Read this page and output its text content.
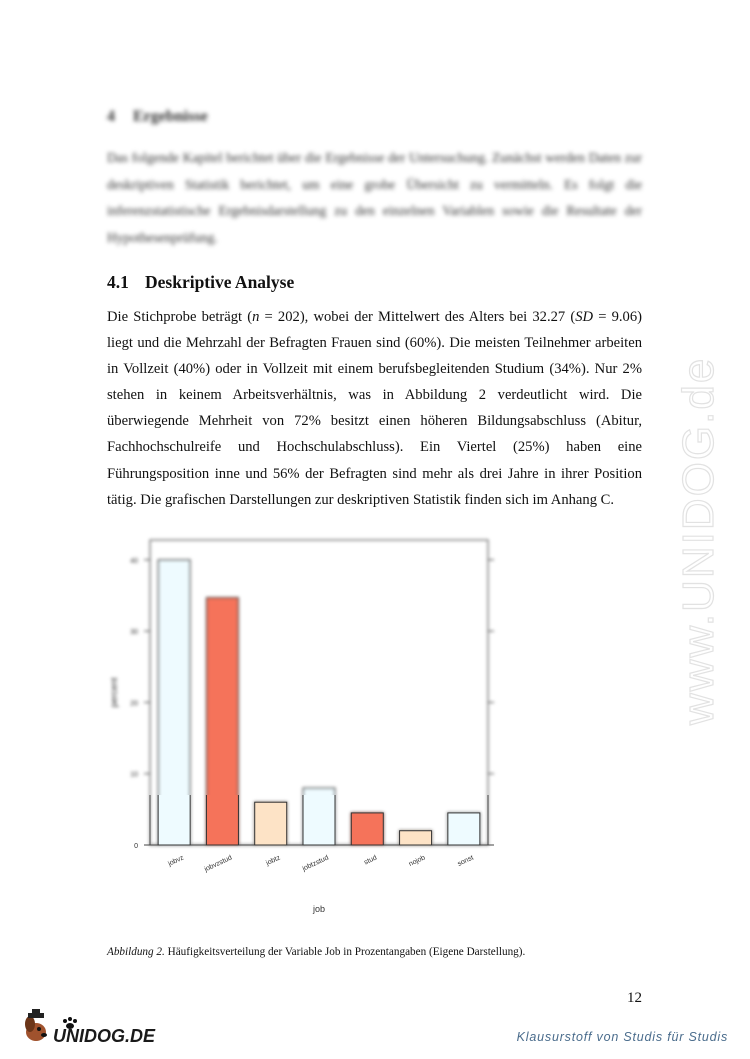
4 Ergebnisse
Das folgende Kapitel berichtet über die Ergebnisse der Untersuchung. Zunächst werden Daten zur deskriptiven Statistik berichtet, um eine grobe Übersicht zu vermitteln. Es folgt die inferenzstatistische Ergebnisdarstellung zu den einzelnen Variablen sowie die Resultate der Hypothesenprüfung.
4.1 Deskriptive Analyse

Die Stichprobe beträgt (n = 202), wobei der Mittelwert des Alters bei 32.27 (SD = 9.06) liegt und die Mehrzahl der Befragten Frauen sind (60%). Die meisten Teilnehmer arbeiten in Vollzeit (40%) oder in Vollzeit mit einem berufsbegleitenden Studium (34%). Nur 2% stehen in keinem Arbeitsverhältnis, was in Abbildung 2 verdeutlicht wird. Die überwiegende Mehrheit von 72% besitzt einen höheren Bildungsabschluss (Abitur, Fachhochschulreife und Hochschulabschluss). Ein Viertel (25%) haben eine Führungsposition inne und 56% der Befragten sind mehr als drei Jahre in ihrer Position tätig. Die grafischen Darstellungen zur deskriptiven Statistik finden sich im Anhang C.	www.UNIDOG.de
10
20
30
40
percent
0
jobvz	jobvzstud	jobtz	jobtzstud	stud	nojob	sonst
job
Abbildung 2. Häufigkeitsverteilung der Variable Job in Prozentangaben (Eigene Darstellung).
12
UNIDOG.DE	Klausurstoff von Studis für Studis
